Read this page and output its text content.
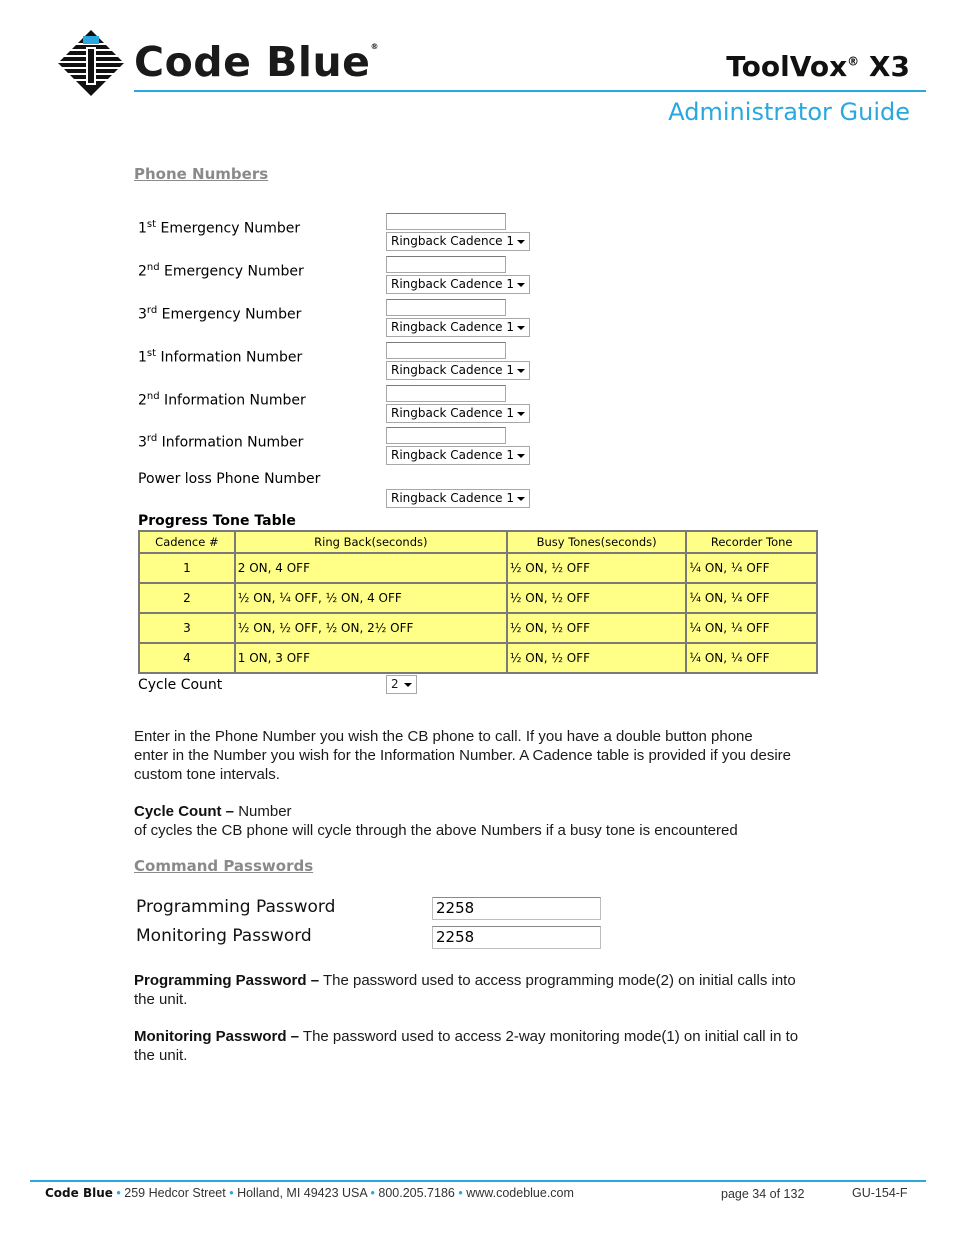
Code Blue®
ToolVox® X3
Administrator Guide
Phone Numbers
1st Emergency Number
Ringback Cadence 1
2nd Emergency Number
Ringback Cadence 1
3rd Emergency Number
Ringback Cadence 1
1st Information Number
Ringback Cadence 1
2nd Information Number
Ringback Cadence 1
3rd Information Number
Ringback Cadence 1
Power loss Phone Number
Ringback Cadence 1
Progress Tone Table
Cadence #	Ring Back(seconds)	Busy Tones(seconds)	Recorder Tone
1	2 ON, 4 OFF	½ ON, ½ OFF	¼ ON, ¼ OFF
2	½ ON, ¼ OFF, ½ ON, 4 OFF	½ ON, ½ OFF	¼ ON, ¼ OFF
3	½ ON, ½ OFF, ½ ON, 2½ OFF	½ ON, ½ OFF	¼ ON, ¼ OFF
4	1 ON, 3 OFF	½ ON, ½ OFF	¼ ON, ¼ OFF
Cycle Count	2
Enter in the Phone Number you wish the CB phone to call. If you have a double button phone
enter in the Number you wish for the Information Number. A Cadence table is provided if you desire
custom tone intervals.
Cycle Count – Number
of cycles the CB phone will cycle through the above Numbers if a busy tone is encountered
Command Passwords
Programming Password	2258
Monitoring Password	2258
Programming Password – The password used to access programming mode(2) on initial calls into
the unit.
Monitoring Password – The password used to access 2-way monitoring mode(1) on initial call in to
the unit.
Code Blue • 259 Hedcor Street • Holland, MI 49423 USA • 800.205.7186 • www.codeblue.com	page 34 of 132	GU-154-F
